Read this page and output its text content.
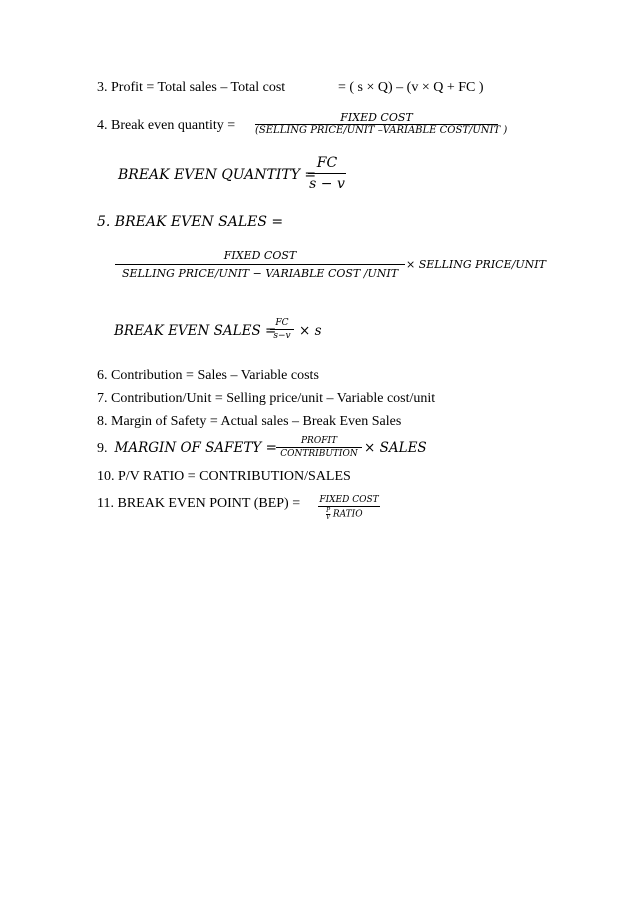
3. Profit = Total sales – Total cost	= ( s × Q) – (v × Q + FC )
4. Break even quantity =
FIXED COST
(SELLING PRICE/UNIT –VARIABLE COST/UNIT )
BREAK EVEN QUANTITY =
FC
s − v
5. BREAK EVEN SALES =
FIXED COST
SELLING PRICE/UNIT − VARIABLE COST /UNIT
× SELLING PRICE/UNIT
BREAK EVEN SALES = FC
s−v × s
6. Contribution = Sales – Variable costs
7. Contribution/Unit = Selling price/unit – Variable cost/unit
8. Margin of Safety = Actual sales – Break Even Sales
9.  MARGIN OF SAFETY =	PROFIT
CONTRIBUTION × SALES
10. P/V RATIO = CONTRIBUTION/SALES
11. BREAK EVEN POINT (BEP) = FIXED COST
$\frac{P}{V}$ RATIO
